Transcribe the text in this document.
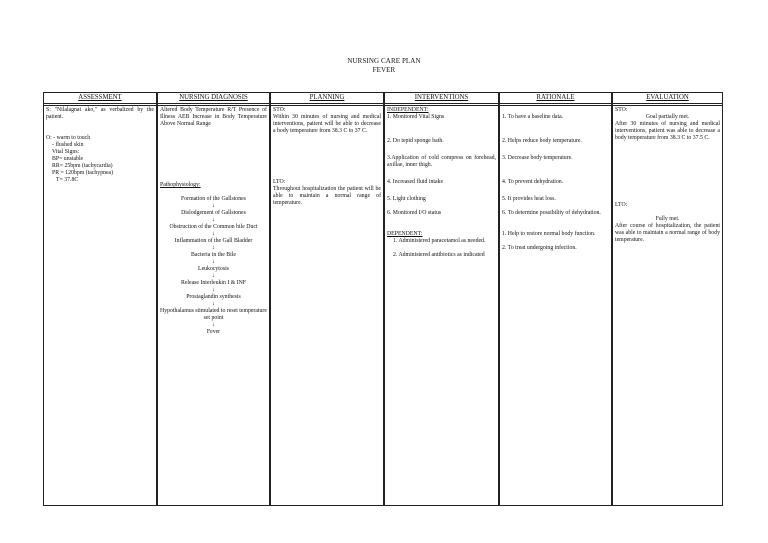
NURSING CARE PLAN
FEVER
ASSESSMENT

S: "Nilalagnat ako," as verbalized by the patient.

O: - warm to touch

- flushed skin

Vital Signs:

BP= unstable

RR= 25bpm (tachycardia)

PR = 120bpm (tachypnea)

T= 37.8C

NURSING DIAGNOSIS

Altered Body Temperature R/T Presence of Illness AEB Increase in Body Temperature Above Normal Range

Pathophysiology:

Formation of the Gallstones

↓

Dislodgement of Gallstones

↓

Obstruction of the Common bile Duct

↓

Inflammation of the Gall Bladder

↓

Bacteria in the Bile

↓

Leukocytosis

↓

Release Interleukin I & INF

↓

Prostaglandin synthesis

↓

Hypothalamus stimulated to reset temperature set point

↓

Fever

PLANNING

STO:

Within 30 minutes of nursing and medical interventions, patient will be able to decrease a body temperature from 38.3 C to 37 C.

LTO:

Throughout hospitalization the patient will be able to maintain a normal range of temperature.

INTERVENTIONS

INDEPENDENT:

1. Monitored Vital Signs

2. Do tepid sponge bath.

3.Application of cold compress on forehead, axillae, inner thigh.

4. Increased fluid intake

5. Light clothing

6. Monitored I/O status

DEPENDENT:

1. Administered paracetamol as needed.

2. Administered antibiotics as indicated

RATIONALE

1. To have a baseline data.

2. Helps reduce body temperature.

3. Decrease body temperature.

4. To prevent dehydration.

5. It provides heat loss.

6. To determine possibility of dehydration.

1. Help to restore normal body function.

2. To treat undergoing infection.

EVALUATION

STO:

Goal partially met.

After 30 minutes of nursing and medical interventions, patient was able to decrease a body temperature from 38.3 C to 37.5 C.

LTO:

Fully met.

After course of hospitalization, the patient was able to maintain a normal range of body temperature.
